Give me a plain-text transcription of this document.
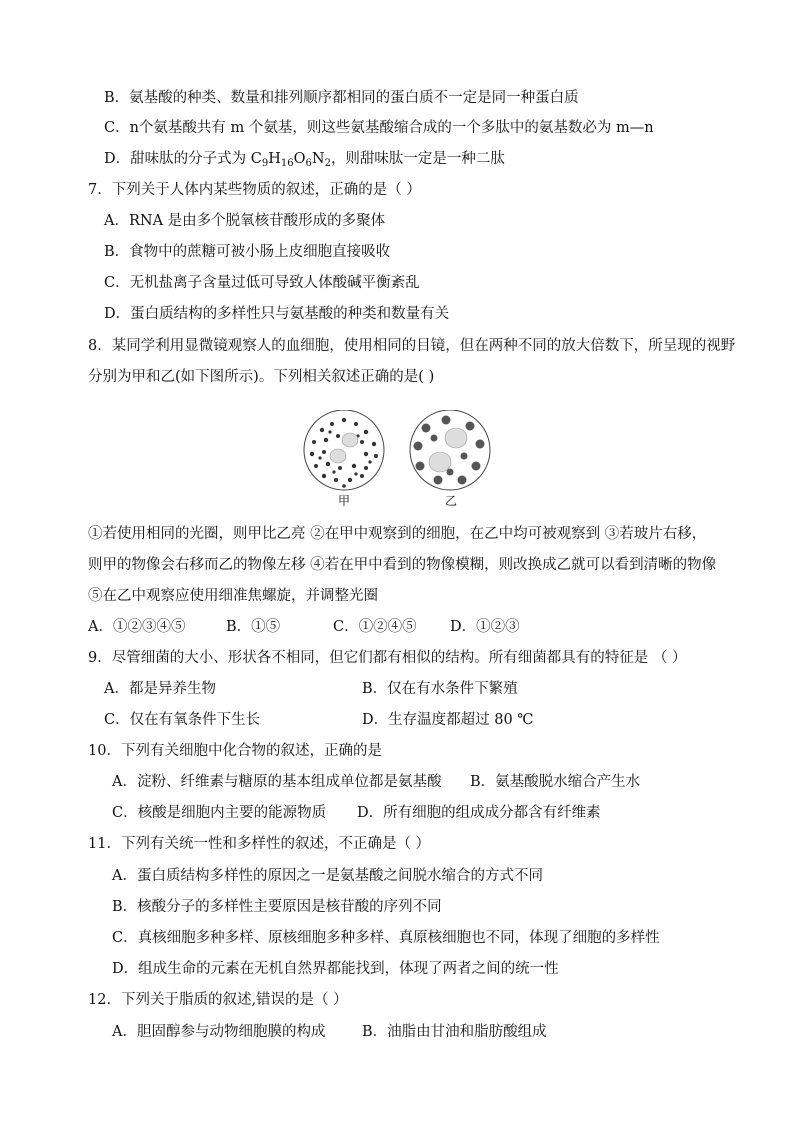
B．氨基酸的种类、数量和排列顺序都相同的蛋白质不一定是同一种蛋白质
C．n个氨基酸共有 m 个氨基，则这些氨基酸缩合成的一个多肽中的氨基数必为 m—n
D．甜味肽的分子式为 $C_9H_{16}O_6N_2$，则甜味肽一定是一种二肽
7．下列关于人体内某些物质的叙述，正确的是（ ）
A．RNA 是由多个脱氧核苷酸形成的多聚体
B．食物中的蔗糖可被小肠上皮细胞直接吸收
C．无机盐离子含量过低可导致人体酸碱平衡紊乱
D．蛋白质结构的多样性只与氨基酸的种类和数量有关
8．某同学利用显微镜观察人的血细胞，使用相同的目镜，但在两种不同的放大倍数下，所呈现的视野
分别为甲和乙(如下图所示)。下列相关叙述正确的是( )
甲	乙
①若使用相同的光圈，则甲比乙亮 ②在甲中观察到的细胞，在乙中均可被观察到 ③若玻片右移，
则甲的物像会右移而乙的物像左移 ④若在甲中看到的物像模糊，则改换成乙就可以看到清晰的物像
⑤在乙中观察应使用细准焦螺旋，并调整光圈
A．①②③④⑤	B．①⑤	C．①②④⑤ D．①②③
9．尽管细菌的大小、形状各不相同，但它们都有相似的结构。所有细菌都具有的特征是 （ ）
A．都是异养生物	B．仅在有水条件下繁殖
C．仅在有氧条件下生长	D．生存温度都超过 80 ℃
10．下列有关细胞中化合物的叙述，正确的是
A．淀粉、纤维素与糖原的基本组成单位都是氨基酸 B．氨基酸脱水缩合产生水
C．核酸是细胞内主要的能源物质 D．所有细胞的组成成分都含有纤维素
11．下列有关统一性和多样性的叙述，不正确是（ ）
A．蛋白质结构多样性的原因之一是氨基酸之间脱水缩合的方式不同
B．核酸分子的多样性主要原因是核苷酸的序列不同
C．真核细胞多种多样、原核细胞多种多样、真原核细胞也不同，体现了细胞的多样性
D．组成生命的元素在无机自然界都能找到，体现了两者之间的统一性
12．下列关于脂质的叙述,错误的是（ ）
A．胆固醇参与动物细胞膜的构成	B．油脂由甘油和脂肪酸组成
